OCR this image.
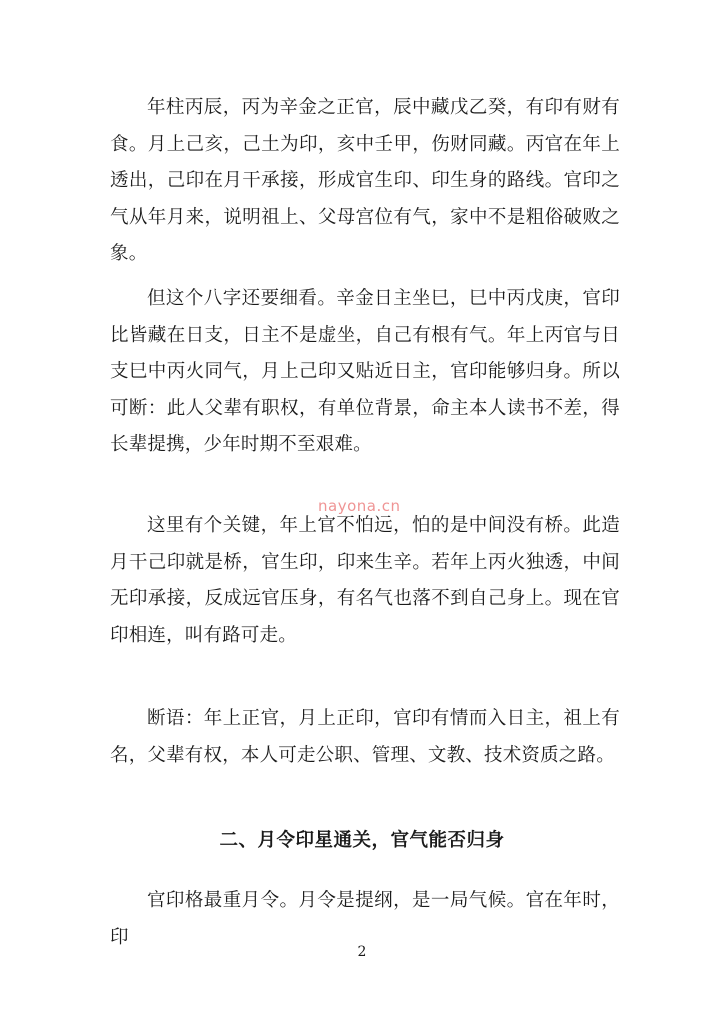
年柱丙辰，丙为辛金之正官，辰中藏戊乙癸，有印有财有食。月上己亥，己土为印，亥中壬甲，伤财同藏。丙官在年上透出，己印在月干承接，形成官生印、印生身的路线。官印之气从年月来，说明祖上、父母宫位有气，家中不是粗俗破败之象。

但这个八字还要细看。辛金日主坐巳，巳中丙戊庚，官印比皆藏在日支，日主不是虚坐，自己有根有气。年上丙官与日支巳中丙火同气，月上己印又贴近日主，官印能够归身。所以可断：此人父辈有职权，有单位背景，命主本人读书不差，得长辈提携，少年时期不至艰难。

这里有个关键，年上官不怕远，怕的是中间没有桥。此造月干己印就是桥，官生印，印来生辛。若年上丙火独透，中间无印承接，反成远官压身，有名气也落不到自己身上。现在官印相连，叫有路可走。

nayona.cn

断语：年上正官，月上正印，官印有情而入日主，祖上有名，父辈有权，本人可走公职、管理、文教、技术资质之路。

二、月令印星通关，官气能否归身

官印格最重月令。月令是提纲，是一局气候。官在年时，印

2
